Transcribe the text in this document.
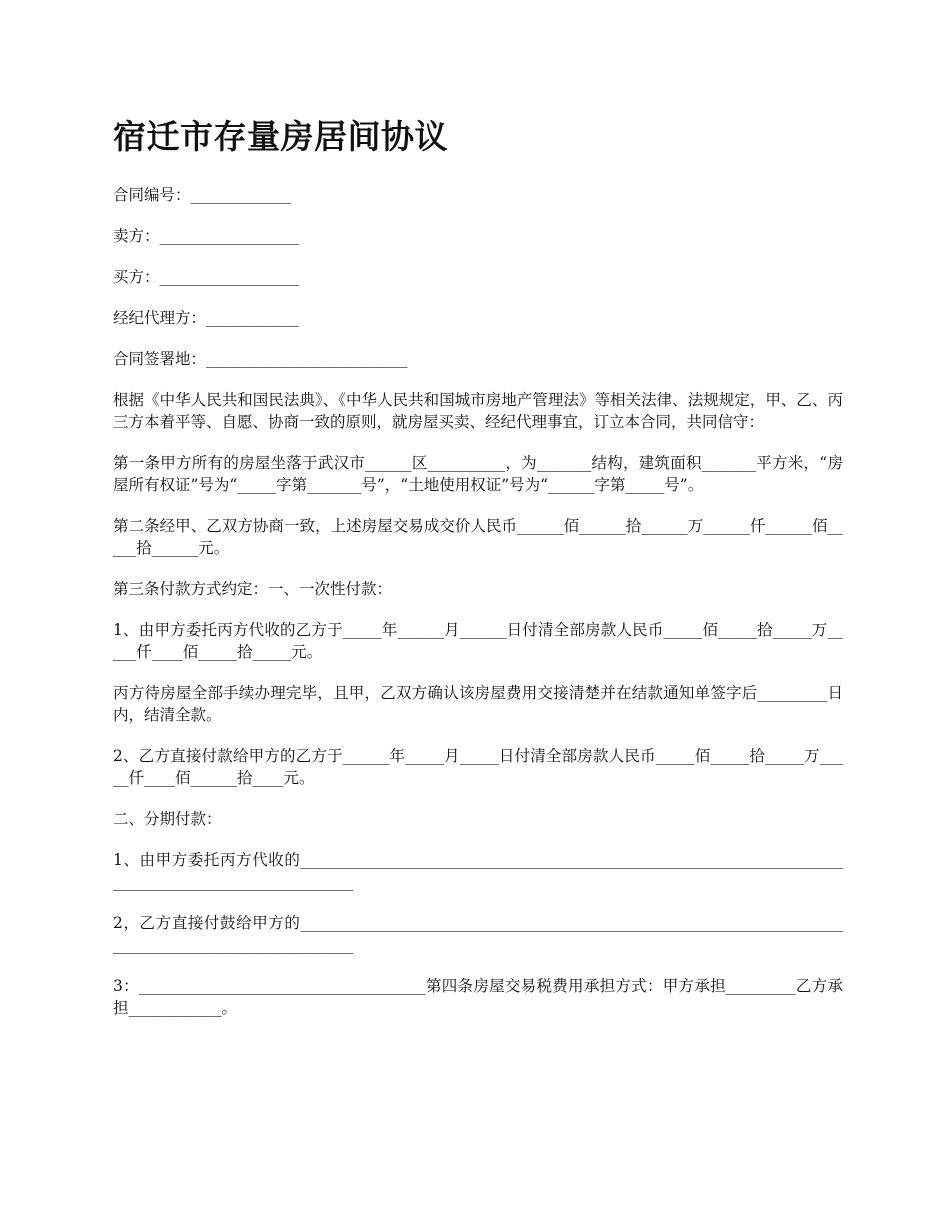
宿迁市存量房居间协议
合同编号：_____________
卖方：__________________
买方：__________________
经纪代理方：____________
合同签署地：__________________________

根据《中华人民共和国民法典》、《中华人民共和国城市房地产管理法》等相关法律、法规规定，甲、乙、丙三方本着平等、自愿、协商一致的原则，就房屋买卖、经纪代理事宜，订立本合同，共同信守：

第一条甲方所有的房屋坐落于武汉市______区__________，为_______结构，建筑面积_______平方米，“房屋所有权证”号为“_____字第_______号”，“土地使用权证”号为“______字第_____号”。

第二条经甲、乙双方协商一致，上述房屋交易成交价人民币______佰______拾______万______仟______佰_____拾______元。

第三条付款方式约定：一、一次性付款：

1、由甲方委托丙方代收的乙方于_____年______月______日付清全部房款人民币_____佰_____拾_____万_____仟____佰_____拾_____元。

丙方待房屋全部手续办理完毕，且甲，乙双方确认该房屋费用交接清楚并在结款通知单签字后_________日内，结清全款。

2、乙方直接付款给甲方的乙方于______年_____月_____日付清全部房款人民币_____佰_____拾_____万_____仟____佰______拾____元。

二、分期付款：

1、由甲方委托丙方代收的_____________________________________________________________________________________________________

2，乙方直接付鼓给甲方的_____________________________________________________________________________________________________

3：_____________________________________第四条房屋交易税费用承担方式：甲方承担_________乙方承担____________。
